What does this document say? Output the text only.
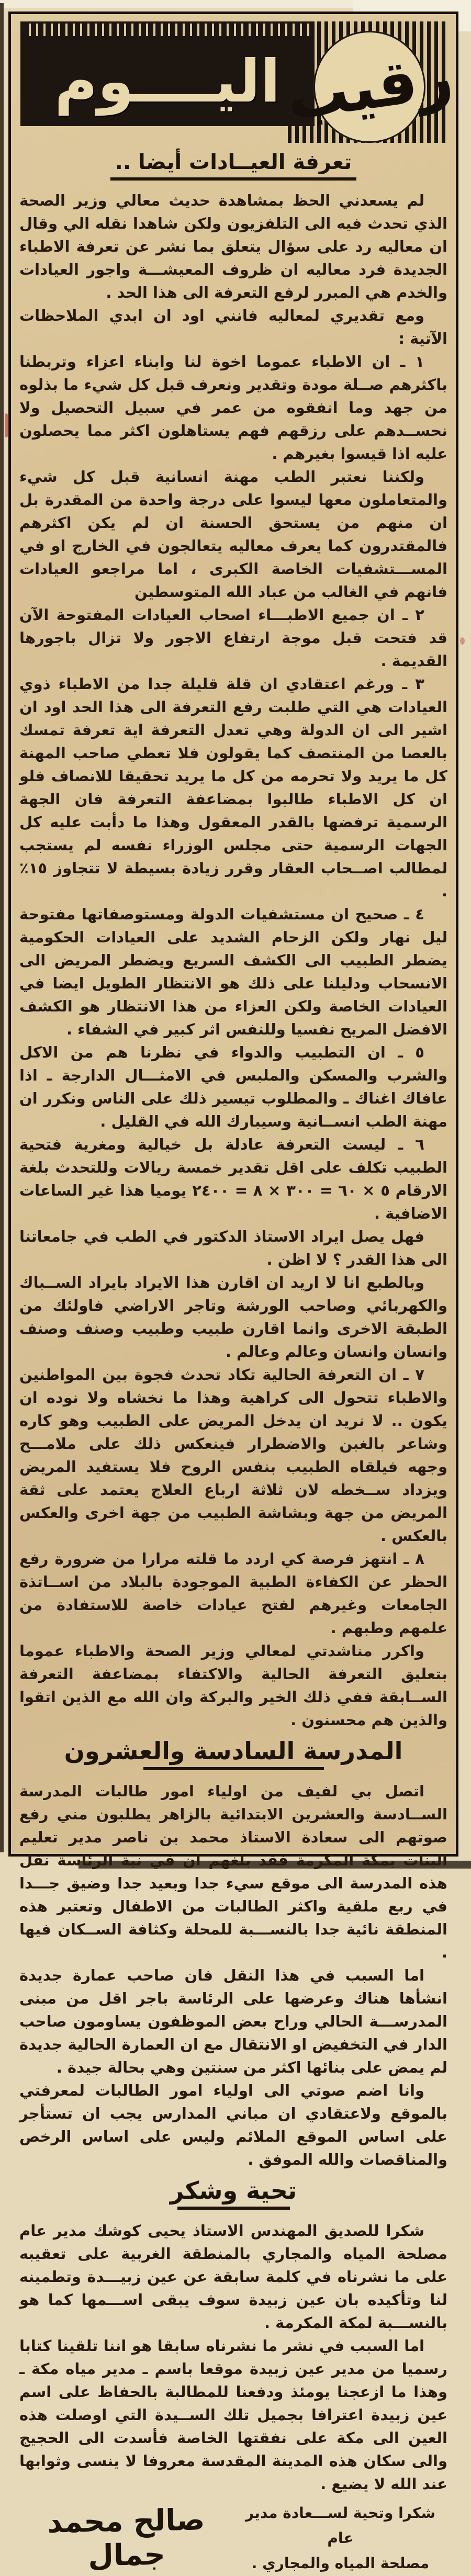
اليــــوم رقيب
تعرفة العيــادات أيضا ..

لم يسعدني الحظ بمشاهدة حديث معالي وزير الصحة الذي تحدث فيه الى التلفزيون ولكن شاهدا نقله الي وقال ان معاليه رد على سؤال يتعلق بما نشر عن تعرفة الاطباء الجديدة فرد معاليه ان ظروف المعيشـــة واجور العيادات والخدم هي المبرر لرفع التعرفة الى هذا الحد .

ومع تقديري لمعاليه فانني اود ان ابدي الملاحظات الآتية :

١ ـ ان الاطباء عموما اخوة لنا وابناء اعزاء وتربطنا باكثرهم صــلة مودة وتقدير ونعرف قبل كل شيء ما بذلوه من جهد وما انفقوه من عمر في سبيل التحصيل ولا نحســدهم على رزقهم فهم يستاهلون اكثر مما يحصلون عليه اذا قيسوا بغيرهم .

ولكننا نعتبر الطب مهنة انسانية قبل كل شيء والمتعاملون معها ليسوا على درجة واحدة من المقدرة بل ان منهم من يستحق الحسنة ان لم يكن اكثرهم فالمقتدرون كما يعرف معاليه يتعالجون في الخارج او في المســـتشفيات الخاصة الكبرى ، اما مراجعو العيادات فانهم في الغالب من عباد الله المتوسطين

٢ ـ ان جميع الاطبـــاء اصحاب العيادات المفتوحة الآن قد فتحت قبل موجة ارتفاع الاجور ولا تزال باجورها القديمة .

٣ ـ ورغم اعتقادي ان قلة قليلة جدا من الاطباء ذوي العيادات هي التي طلبت رفع التعرفة الى هذا الحد اود ان اشير الى ان الدولة وهي تعدل التعرفة اية تعرفة تمسك بالعصا من المنتصف كما يقولون فلا تعطي صاحب المهنة كل ما يريد ولا تحرمه من كل ما يريد تحقيقا للانصاف فلو ان كل الاطباء طالبوا بمضاعفة التعرفة فان الجهة الرسمية ترفضها بالقدر المعقول وهذا ما دأبت عليه كل الجهات الرسمية حتى مجلس الوزراء نفسه لم يستجب لمطالب اصــحاب العقار وقرر زيادة بسيطة لا تتجاوز ١٥٪ .

٤ ـ صحيح ان مستشفيات الدولة ومستوصفاتها مفتوحة ليل نهار ولكن الزحام الشديد على العيادات الحكومية يضطر الطبيب الى الكشف السريع ويضطر المريض الى الانسحاب ودليلنا على ذلك هو الانتظار الطويل ايضا في العيادات الخاصة ولكن العزاء من هذا الانتظار هو الكشف الافضل المريح نفسيا وللنفس اثر كبير في الشفاء .

٥ ـ ان التطبيب والدواء في نظرنا هم من الاكل والشرب والمسكن والملبس في الامثـــال الدارجة ـ اذا عافاك اغناك ـ والمطلوب تيسير ذلك على الناس ونكرر ان مهنة الطب انســانية وسيبارك الله في القليل .

٦ ـ ليست التعرفة عادلة بل خيالية ومغرية فتحية الطبيب تكلف على اقل تقدير خمسة ريالات وللتحدث بلغة الارقام ٥ × ٦٠ = ٣٠٠ × ٨ = ٢٤٠٠ يوميا هذا غير الساعات الاضافية .

فهل يصل ايراد الاستاذ الدكتور في الطب في جامعاتنا الى هذا القدر ؟ لا اظن .

وبالطبع انا لا اريد ان اقارن هذا الايراد بايراد الســباك والكهربائي وصاحب الورشة وتاجر الاراضي فاولئك من الطبقة الاخرى وانما اقارن طبيب وطبيب وصنف وصنف وانسان وانسان وعالم وعالم .

٧ ـ ان التعرفة الحالية تكاد تحدث فجوة بين المواطنين والاطباء تتحول الى كراهية وهذا ما نخشاه ولا نوده ان يكون .. لا نريد ان يدخل المريض على الطبيب وهو كاره وشاعر بالغبن والاضطرار فينعكس ذلك على ملامـــح وجهه فيلقاه الطبيب بنفس الروح فلا يستفيد المريض ويزداد ســخطه لان ثلاثة ارباع العلاج يعتمد على ثقة المريض من جهة وبشاشة الطبيب من جهة اخرى والعكس بالعكس .

٨ ـ انتهز فرصة كي اردد ما قلته مرارا من ضرورة رفع الحظر عن الكفاءة الطبية الموجودة بالبلاد من اســاتذة الجامعات وغيرهم لفتح عيادات خاصة للاستفادة من علمهم وطبهم .

واكرر مناشدتي لمعالي وزير الصحة والاطباء عموما بتعليق التعرفة الحالية والاكتفاء بمضاعفة التعرفة الســابقة ففي ذلك الخير والبركة وان الله مع الذين اتقوا والذين هم محسنون .

المدرسة السادسة والعشرون

اتصل بي لفيف من اولياء امور طالبات المدرسة الســادسة والعشرين الابتدائية بالزاهر يطلبون مني رفع صوتهم الى سعادة الاستاذ محمد بن ناصر مدير تعليم البنات بمكة المكرمة فقد بلغهم ان في نية الرئاسة نقل هذه المدرسة الى موقع سيء جدا وبعيد جدا وضيق جـــدا في ربع ملقية واكثر الطالبات من الاطفال وتعتبر هذه المنطقة نائية جدا بالنســـبة للمحلة وكثافة الســكان فيها .

اما السبب في هذا النقل فان صاحب عمارة جديدة انشأها هناك وعرضها على الرئاسة باجر اقل من مبنى المدرســـة الحالي وراح بعض الموظفون يساومون صاحب الدار في التخفيض او الانتقال مع ان العمارة الحالية جديدة لم يمض على بنائها اكثر من سنتين وهي بحالة جيدة .

وانا اضم صوتي الى اولياء امور الطالبات لمعرفتي بالموقع ولاعتقادي ان مباني المدارس يجب ان تستأجر على اساس الموقع الملائم وليس على اساس الرخص والمناقصات والله الموفق .

تحية وشكر

شكرا للصديق المهندس الاستاذ يحيى كوشك مدير عام مصلحة المياه والمجاري بالمنطقة الغربية على تعقيبه على ما نشرناه في كلمة سابقة عن عين زبيـــدة وتطمينه لنا وتأكيده بان عين زبيدة سوف يبقى اســـمها كما هو بالنســـبة لمكة المكرمة .

اما السبب في نشر ما نشرناه سابقا هو اننا تلقينا كتابا رسميا من مدير عين زبيدة موقعا باسم ـ مدير مياه مكة ـ وهذا ما ازعجنا يومئذ ودفعنا للمطالبة بالحفاظ على اسم عين زبيدة اعترافا بجميل تلك الســيدة التي اوصلت هذه العين الى مكة على نفقتها الخاصة فأسدت الى الحجيج والى سكان هذه المدينة المقدسة معروفا لا ينسى وثوابها عند الله لا يضيع .

شكرا وتحية لســـعادة مدير عام
مصلحة المياه والمجاري .
صالح محمد جمال
